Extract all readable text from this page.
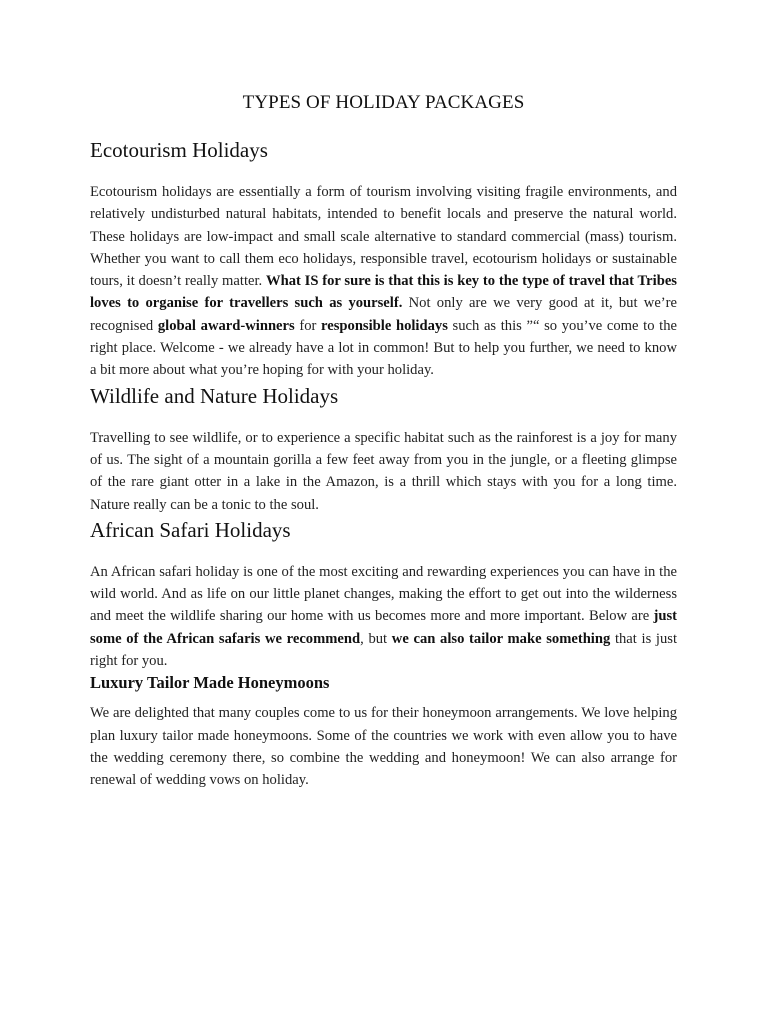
TYPES OF HOLIDAY PACKAGES
Ecotourism Holidays

Ecotourism holidays are essentially a form of tourism involving visiting fragile environments, and relatively undisturbed natural habitats, intended to benefit locals and preserve the natural world. These holidays are low-impact and small scale alternative to standard commercial (mass) tourism. Whether you want to call them eco holidays, responsible travel, ecotourism holidays or sustainable tours, it doesn’t really matter. What IS for sure is that this is key to the type of travel that Tribes loves to organise for travellers such as yourself. Not only are we very good at it, but we’re recognised global award-winners for responsible holidays such as this ”“ so you’ve come to the right place. Welcome - we already have a lot in common! But to help you further, we need to know a bit more about what you’re hoping for with your holiday.

Wildlife and Nature Holidays

Travelling to see wildlife, or to experience a specific habitat such as the rainforest is a joy for many of us. The sight of a mountain gorilla a few feet away from you in the jungle, or a fleeting glimpse of the rare giant otter in a lake in the Amazon, is a thrill which stays with you for a long time. Nature really can be a tonic to the soul.

African Safari Holidays

An African safari holiday is one of the most exciting and rewarding experiences you can have in the wild world. And as life on our little planet changes, making the effort to get out into the wilderness and meet the wildlife sharing our home with us becomes more and more important. Below are just some of the African safaris we recommend, but we can also tailor make something that is just right for you.

Luxury Tailor Made Honeymoons

We are delighted that many couples come to us for their honeymoon arrangements. We love helping plan luxury tailor made honeymoons. Some of the countries we work with even allow you to have the wedding ceremony there, so combine the wedding and honeymoon! We can also arrange for renewal of wedding vows on holiday.
